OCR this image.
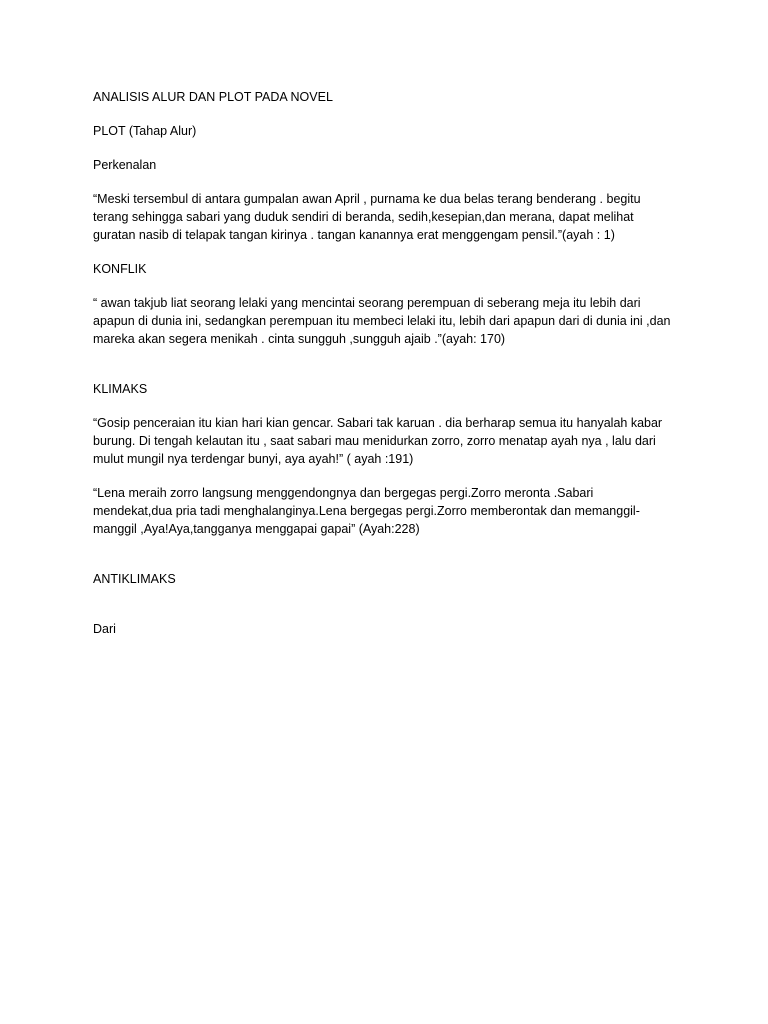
ANALISIS ALUR DAN PLOT PADA NOVEL

PLOT (Tahap Alur)

Perkenalan

“Meski tersembul di antara gumpalan awan April , purnama ke dua belas terang benderang . begitu terang sehingga sabari yang duduk sendiri di beranda, sedih,kesepian,dan merana, dapat melihat guratan nasib di telapak tangan kirinya . tangan kanannya erat menggengam pensil.”(ayah : 1)

KONFLIK

“ awan takjub liat seorang lelaki yang mencintai seorang perempuan di seberang meja itu lebih dari apapun di dunia ini, sedangkan perempuan itu membeci lelaki itu, lebih dari apapun dari di dunia ini ,dan mareka akan segera menikah . cinta sungguh ,sungguh ajaib .”(ayah: 170)

KLIMAKS

“Gosip penceraian itu kian hari kian gencar. Sabari tak karuan . dia berharap semua itu hanyalah kabar burung. Di tengah kelautan itu , saat sabari mau menidurkan zorro, zorro menatap ayah nya , lalu dari mulut mungil nya terdengar bunyi, aya ayah!” ( ayah :191)

“Lena meraih zorro langsung menggendongnya dan bergegas pergi.Zorro meronta .Sabari mendekat,dua pria tadi menghalanginya.Lena bergegas pergi.Zorro memberontak dan memanggil-manggil ,Aya!Aya,tangganya menggapai gapai” (Ayah:228)

ANTIKLIMAKS

Dari
